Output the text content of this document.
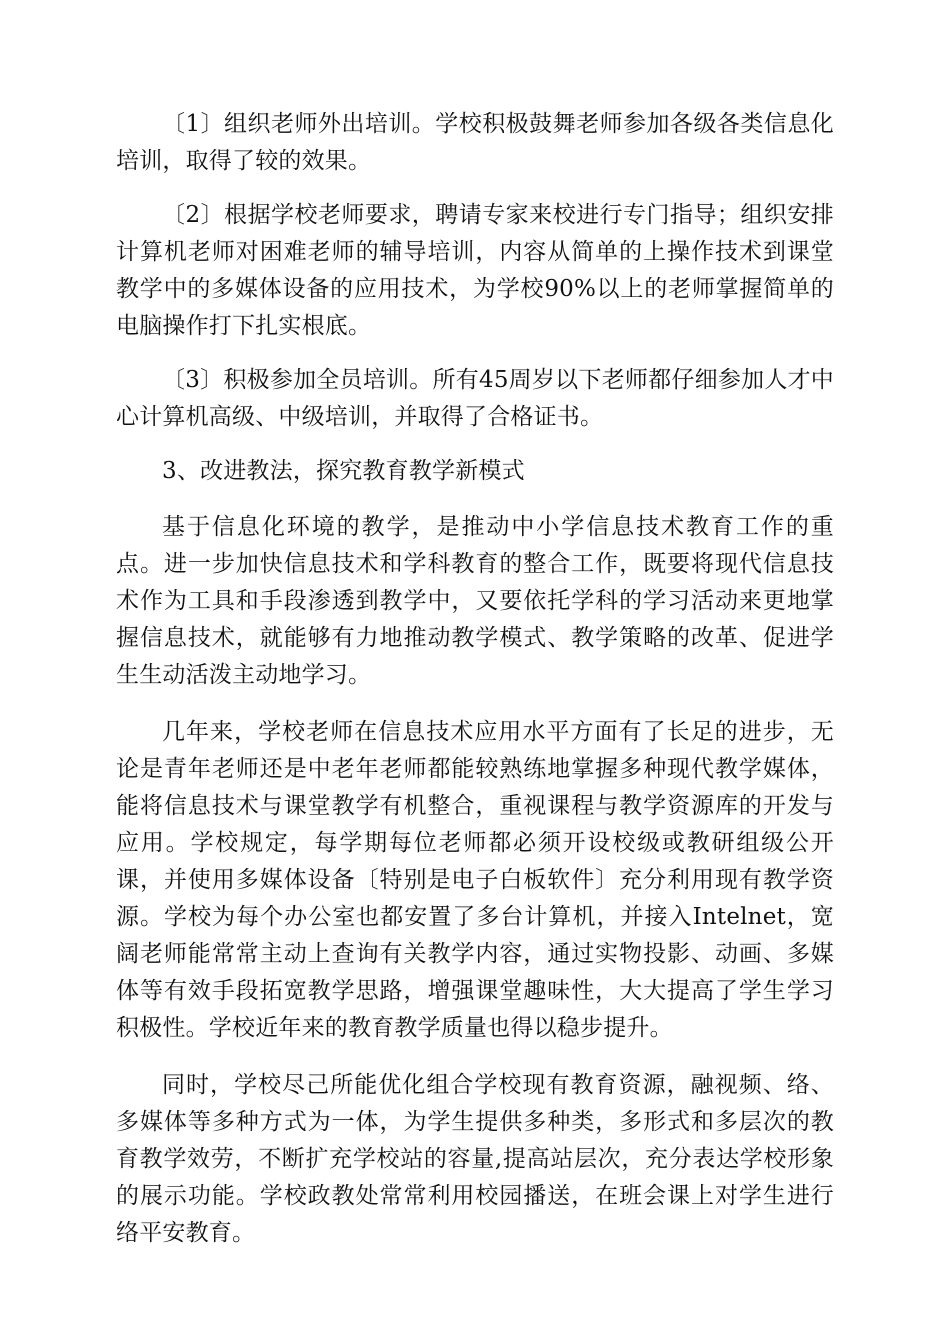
〔1〕组织老师外出培训。学校积极鼓舞老师参加各级各类信息化培训，取得了较的效果。

〔2〕根据学校老师要求，聘请专家来校进行专门指导；组织安排计算机老师对困难老师的辅导培训，内容从简单的上操作技术到课堂教学中的多媒体设备的应用技术，为学校90%以上的老师掌握简单的电脑操作打下扎实根底。

〔3〕积极参加全员培训。所有45周岁以下老师都仔细参加人才中心计算机高级、中级培训，并取得了合格证书。

3、改进教法，探究教育教学新模式

基于信息化环境的教学，是推动中小学信息技术教育工作的重点。进一步加快信息技术和学科教育的整合工作，既要将现代信息技术作为工具和手段渗透到教学中，又要依托学科的学习活动来更地掌握信息技术，就能够有力地推动教学模式、教学策略的改革、促进学生生动活泼主动地学习。

几年来，学校老师在信息技术应用水平方面有了长足的进步，无论是青年老师还是中老年老师都能较熟练地掌握多种现代教学媒体，能将信息技术与课堂教学有机整合，重视课程与教学资源库的开发与应用。学校规定，每学期每位老师都必须开设校级或教研组级公开课，并使用多媒体设备〔特别是电子白板软件〕充分利用现有教学资源。学校为每个办公室也都安置了多台计算机，并接入Intelnet，宽阔老师能常常主动上查询有关教学内容，通过实物投影、动画、多媒体等有效手段拓宽教学思路，增强课堂趣味性，大大提高了学生学习积极性。学校近年来的教育教学质量也得以稳步提升。

同时，学校尽己所能优化组合学校现有教育资源，融视频、络、多媒体等多种方式为一体，为学生提供多种类，多形式和多层次的教育教学效劳，不断扩充学校站的容量,提高站层次，充分表达学校形象的展示功能。学校政教处常常利用校园播送，在班会课上对学生进行络平安教育。
